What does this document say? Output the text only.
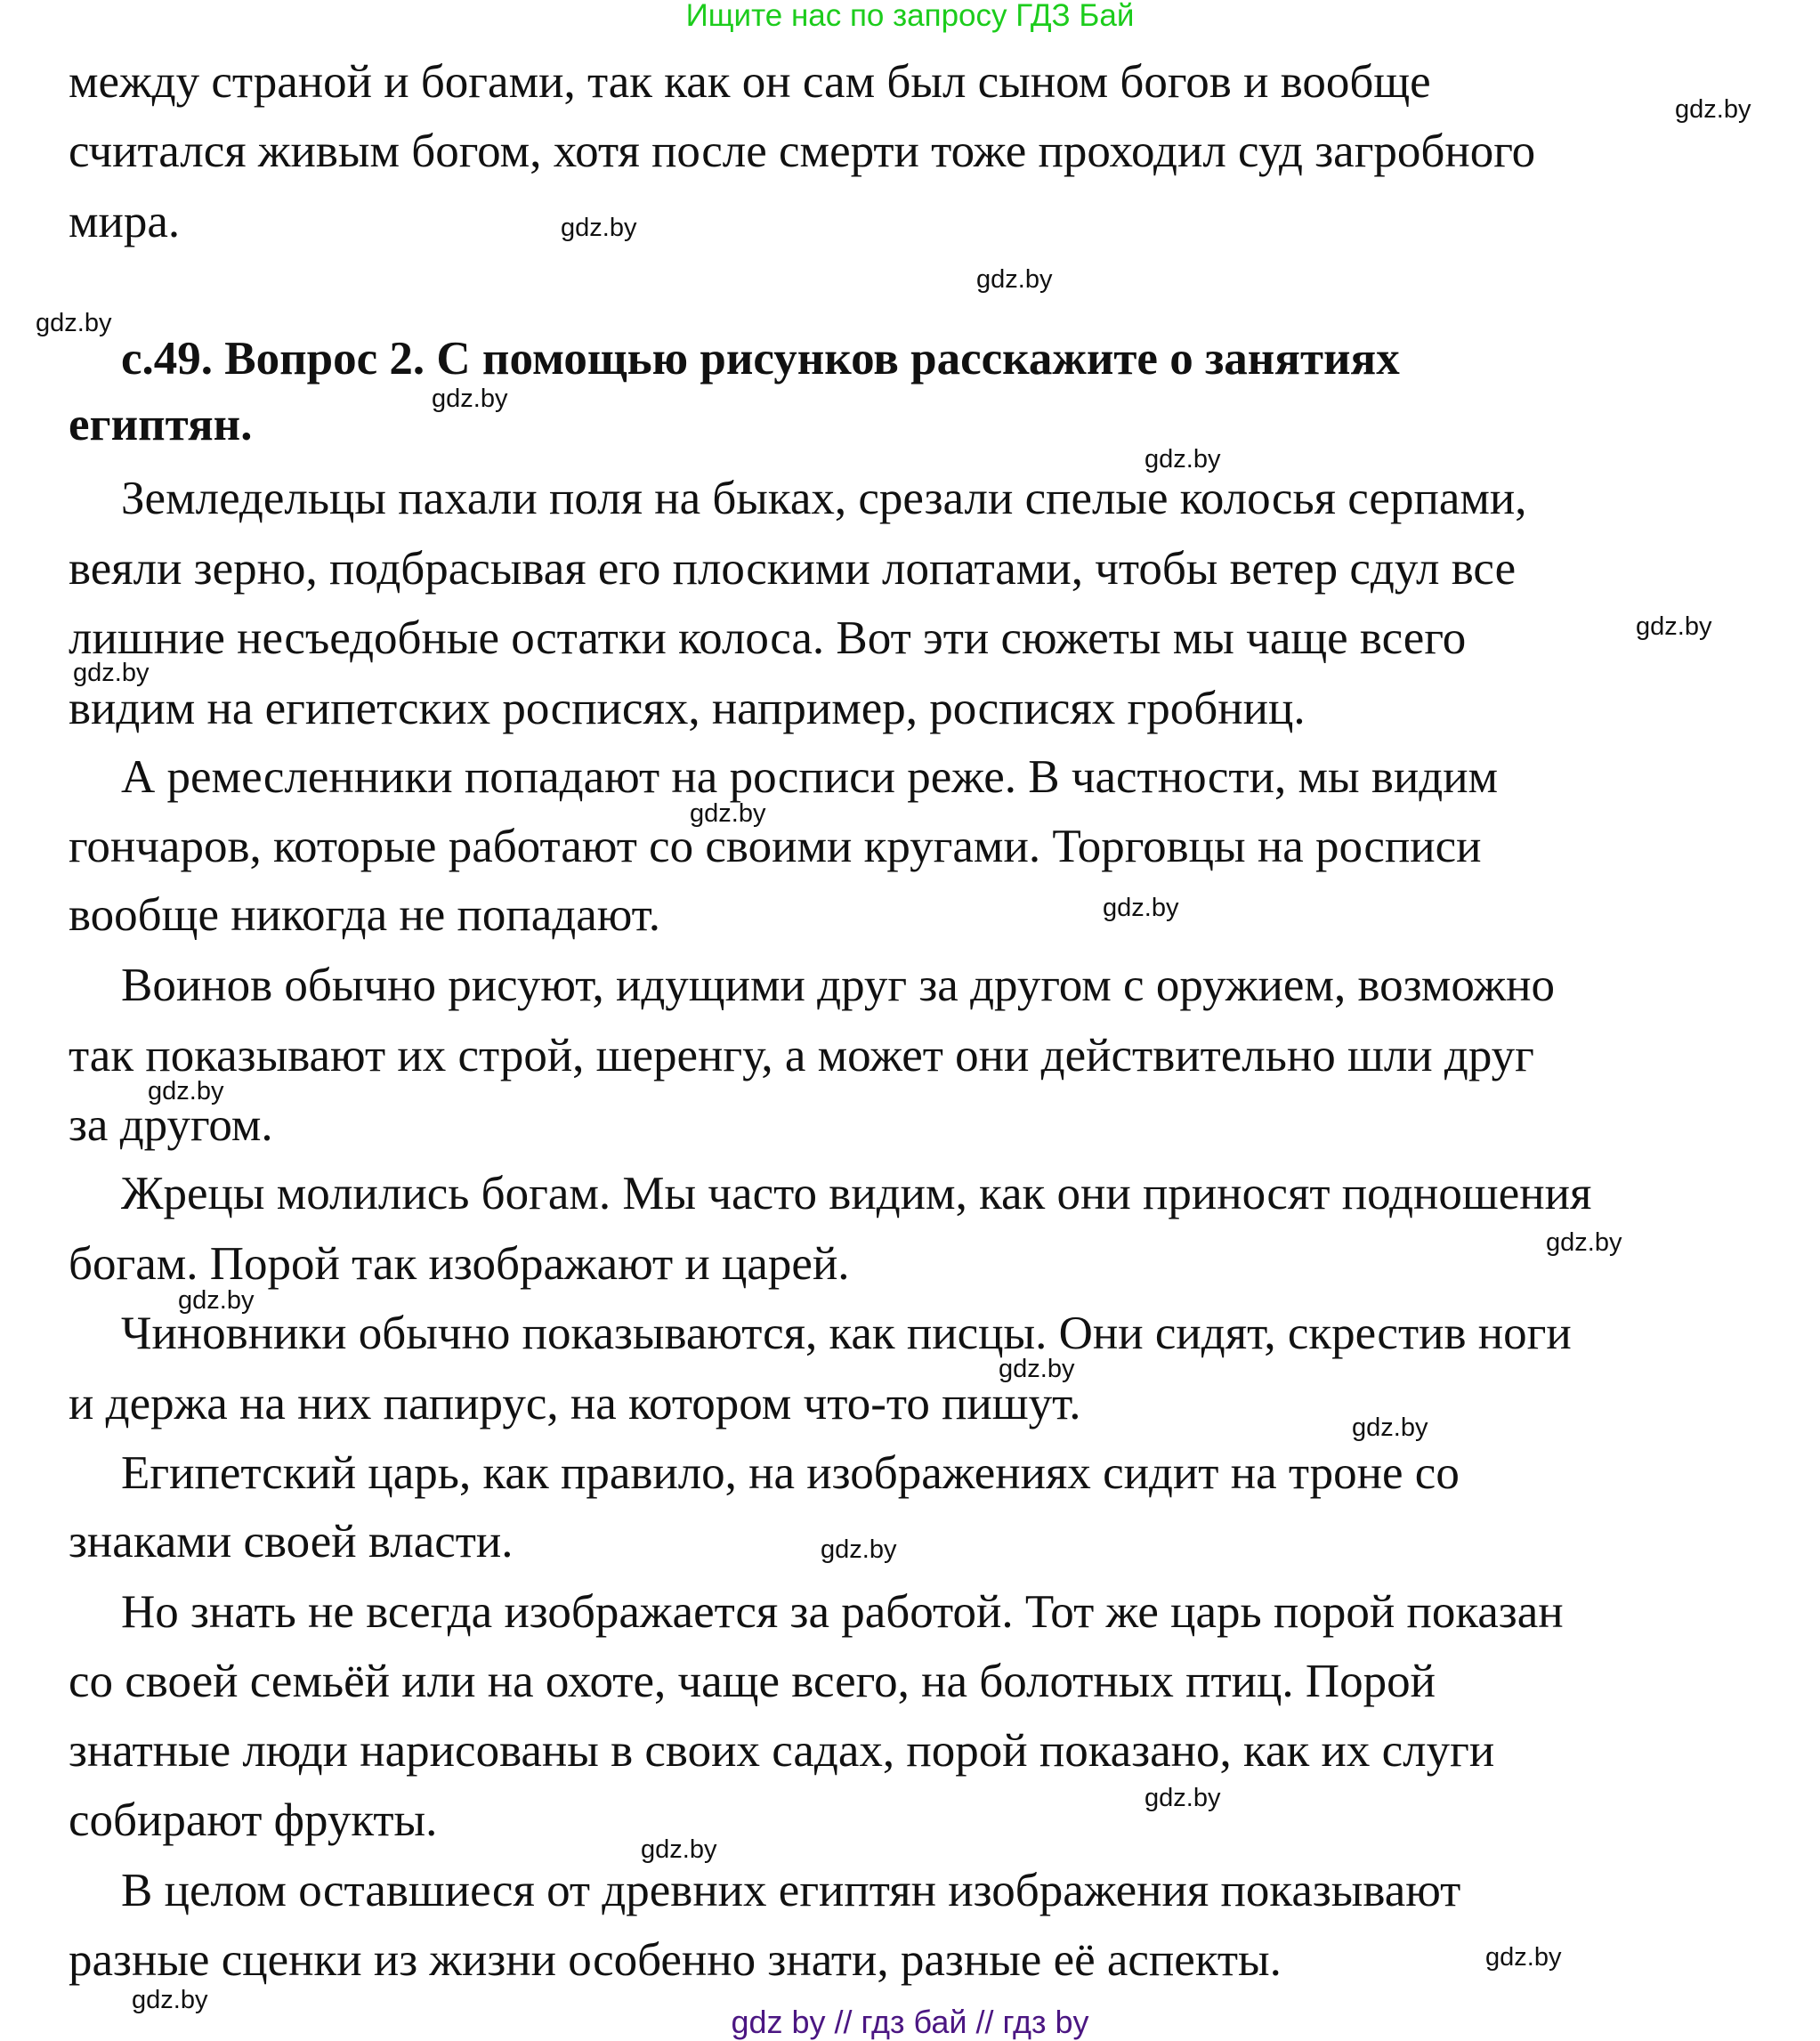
Ищите нас по запросу ГДЗ Бай
между страной и богами, так как он сам был сыном богов и вообще
считался живым богом, хотя после смерти тоже проходил суд загробного
мира.
с.49. Вопрос 2. С помощью рисунков расскажите о занятиях
египтян.
Земледельцы пахали поля на быках, срезали спелые колосья серпами,
веяли зерно, подбрасывая его плоскими лопатами, чтобы ветер сдул все
лишние несъедобные остатки колоса. Вот эти сюжеты мы чаще всего
видим на египетских росписях, например, росписях гробниц.
А ремесленники попадают на росписи реже. В частности, мы видим
гончаров, которые работают со своими кругами. Торговцы на росписи
вообще никогда не попадают.
Воинов обычно рисуют, идущими друг за другом с оружием, возможно
так показывают их строй, шеренгу, а может они действительно шли друг
за другом.
Жрецы молились богам. Мы часто видим, как они приносят подношения
богам. Порой так изображают и царей.
Чиновники обычно показываются, как писцы. Они сидят, скрестив ноги
и держа на них папирус, на котором что-то пишут.
Египетский царь, как правило, на изображениях сидит на троне со
знаками своей власти.
Но знать не всегда изображается за работой. Тот же царь порой показан
со своей семьёй или на охоте, чаще всего, на болотных птиц. Порой
знатные люди нарисованы в своих садах, порой показано, как их слуги
собирают фрукты.
В целом оставшиеся от древних египтян изображения показывают
разные сценки из жизни особенно знати, разные её аспекты.
gdz.by
gdz.by
gdz.by
gdz.by
gdz.by
gdz.by
gdz.by
gdz.by
gdz.by
gdz.by
gdz.by
gdz.by
gdz.by
gdz.by
gdz.by
gdz.by
gdz.by
gdz.by
gdz.by
gdz.by
gdz by // гдз бай // гдз by
